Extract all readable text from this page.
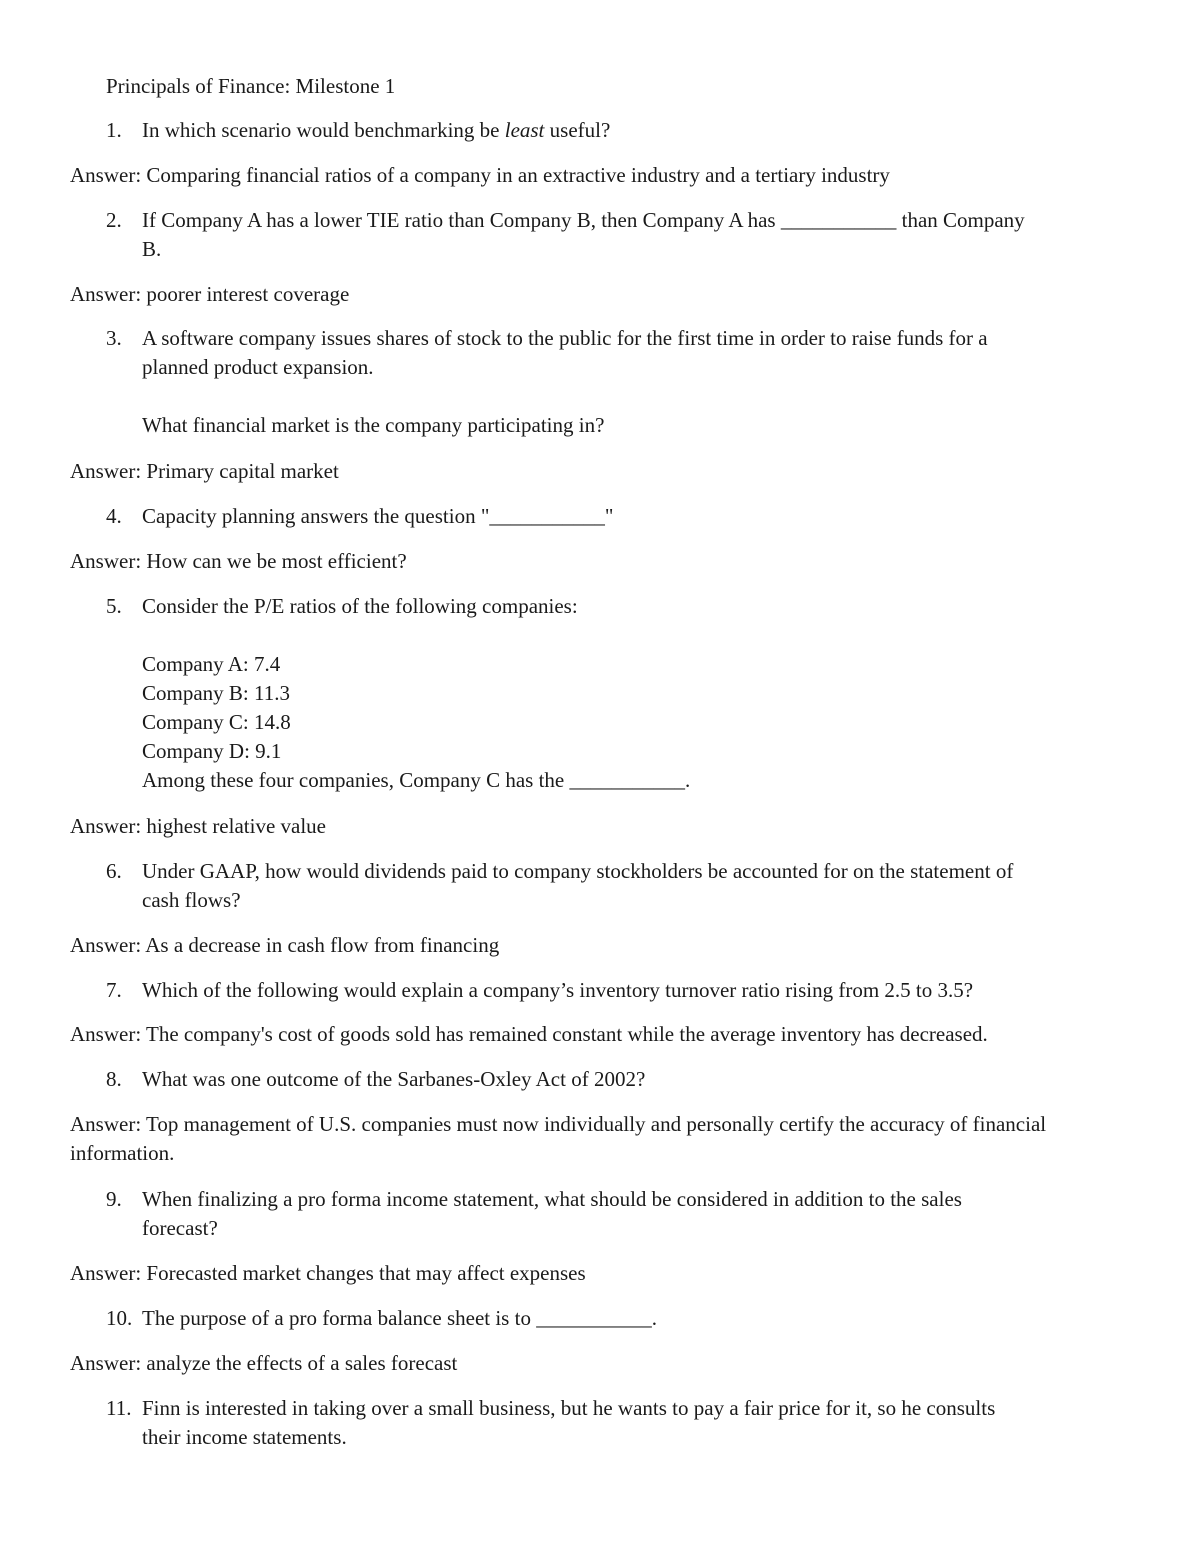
Principals of Finance: Milestone 1
1. In which scenario would benchmarking be least useful?
Answer: Comparing financial ratios of a company in an extractive industry and a tertiary industry
2. If Company A has a lower TIE ratio than Company B, then Company A has ___________ than Company
B.
Answer: poorer interest coverage
3. A software company issues shares of stock to the public for the first time in order to raise funds for a
planned product expansion.
What financial market is the company participating in?
Answer: Primary capital market
4. Capacity planning answers the question "___________"
Answer: How can we be most efficient?
5. Consider the P/E ratios of the following companies:
Company A: 7.4
Company B: 11.3
Company C: 14.8
Company D: 9.1
Among these four companies, Company C has the ___________.
Answer: highest relative value
6. Under GAAP, how would dividends paid to company stockholders be accounted for on the statement of
cash flows?
Answer: As a decrease in cash flow from financing
7. Which of the following would explain a company’s inventory turnover ratio rising from 2.5 to 3.5?
Answer: The company's cost of goods sold has remained constant while the average inventory has decreased.
8. What was one outcome of the Sarbanes-Oxley Act of 2002?
Answer: Top management of U.S. companies must now individually and personally certify the accuracy of financial information.
9. When finalizing a pro forma income statement, what should be considered in addition to the sales
forecast?
Answer: Forecasted market changes that may affect expenses
10. The purpose of a pro forma balance sheet is to ___________.
Answer: analyze the effects of a sales forecast
11. Finn is interested in taking over a small business, but he wants to pay a fair price for it, so he consults
their income statements.
